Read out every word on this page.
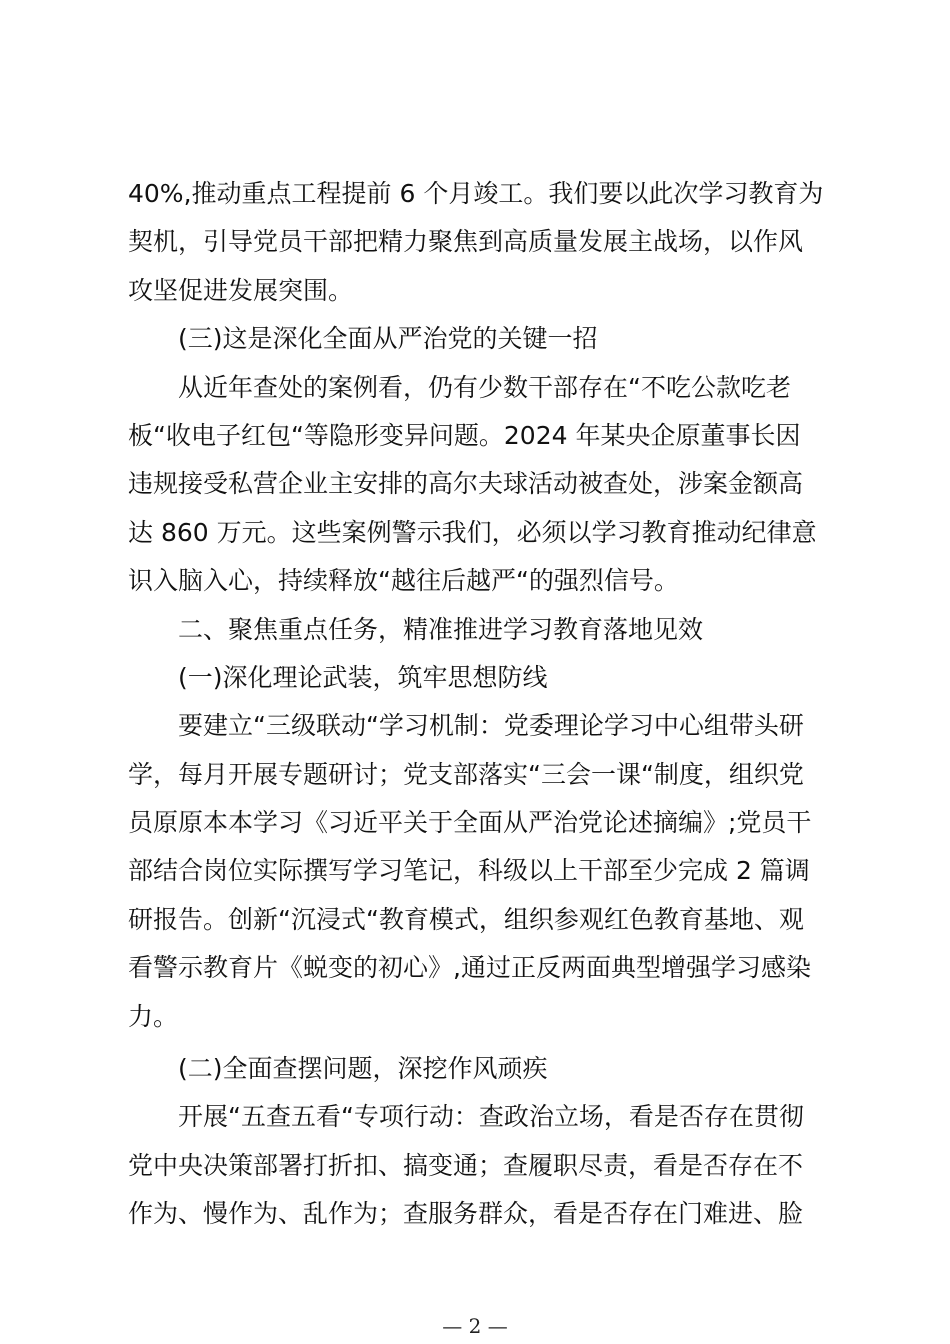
40%,推动重点工程提前 6 个月竣工。我们要以此次学习教育为
契机，引导党员干部把精力聚焦到高质量发展主战场，以作风
攻坚促进发展突围。
(三)这是深化全面从严治党的关键一招
从近年查处的案例看，仍有少数干部存在“不吃公款吃老
板“收电子红包“等隐形变异问题。2024 年某央企原董事长因
违规接受私营企业主安排的高尔夫球活动被查处，涉案金额高
达 860 万元。这些案例警示我们，必须以学习教育推动纪律意
识入脑入心，持续释放“越往后越严“的强烈信号。
二、聚焦重点任务，精准推进学习教育落地见效
(一)深化理论武装，筑牢思想防线
要建立“三级联动“学习机制：党委理论学习中心组带头研
学，每月开展专题研讨；党支部落实“三会一课“制度，组织党
员原原本本学习《习近平关于全面从严治党论述摘编》;党员干
部结合岗位实际撰写学习笔记，科级以上干部至少完成 2 篇调
研报告。创新“沉浸式“教育模式，组织参观红色教育基地、观
看警示教育片《蜕变的初心》,通过正反两面典型增强学习感染
力。
(二)全面查摆问题，深挖作风顽疾
开展“五查五看“专项行动：查政治立场，看是否存在贯彻
党中央决策部署打折扣、搞变通；查履职尽责，看是否存在不
作为、慢作为、乱作为；查服务群众，看是否存在门难进、脸
— 2 —
